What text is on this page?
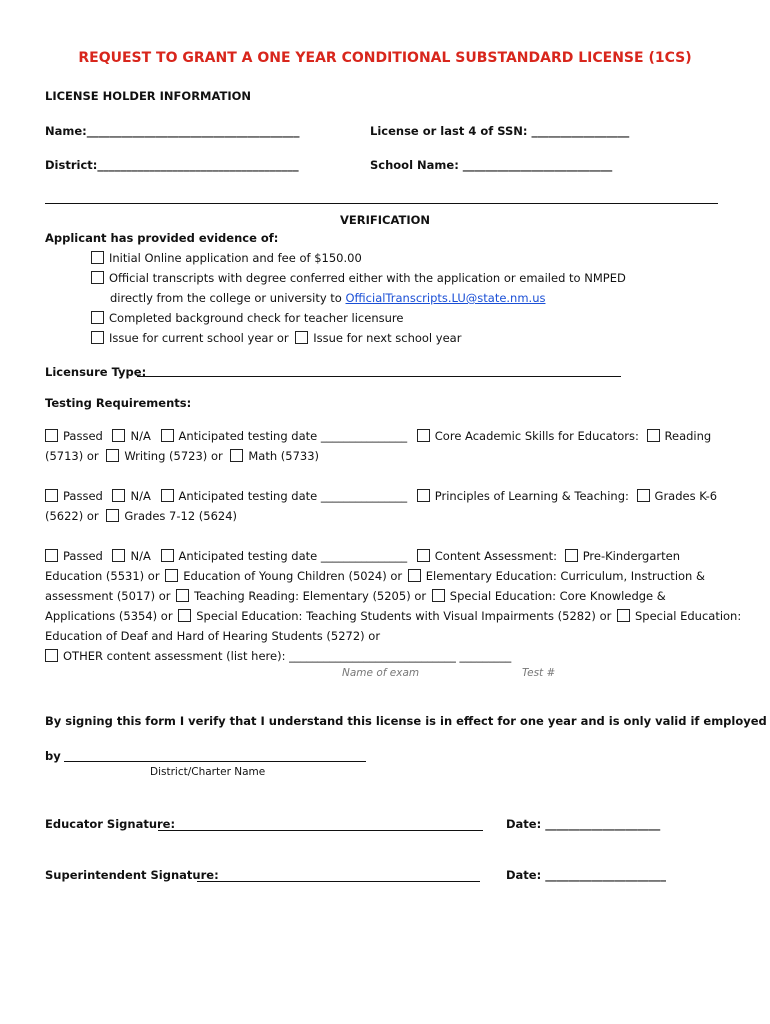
REQUEST TO GRANT A ONE YEAR CONDITIONAL SUBSTANDARD LICENSE (1CS)
LICENSE HOLDER INFORMATION
Name:_____________________________________	License or last 4 of SSN: _________________
District:___________________________________	School Name: __________________________
VERIFICATION
Applicant has provided evidence of:
Initial Online application and fee of $150.00
Official transcripts with degree conferred either with the application or emailed to NMPED
directly from the college or university to OfficialTranscripts.LU@state.nm.us
Completed background check for teacher licensure
Issue for current school year or Issue for next school year
Licensure Type:
Testing Requirements:
Passed N/A Anticipated testing date _______________ Core Academic Skills for Educators: Reading
(5713) or Writing (5723) or Math (5733)
Passed N/A Anticipated testing date _______________ Principles of Learning & Teaching: Grades K-6
(5622) or Grades 7-12 (5624)
Passed N/A Anticipated testing date _______________ Content Assessment: Pre-Kindergarten
Education (5531) or Education of Young Children (5024) or Elementary Education: Curriculum, Instruction &
assessment (5017) or Teaching Reading: Elementary (5205) or Special Education: Core Knowledge &
Applications (5354) or Special Education: Teaching Students with Visual Impairments (5282) or Special Education:
Education of Deaf and Hard of Hearing Students (5272) or
OTHER content assessment (list here): _____________________________ _________
Name of exam	Test #
By signing this form I verify that I understand this license is in effect for one year and is only valid if employed
by
District/Charter Name
Educator Signature:	Date: ____________________
Superintendent Signature:	Date: _____________________
